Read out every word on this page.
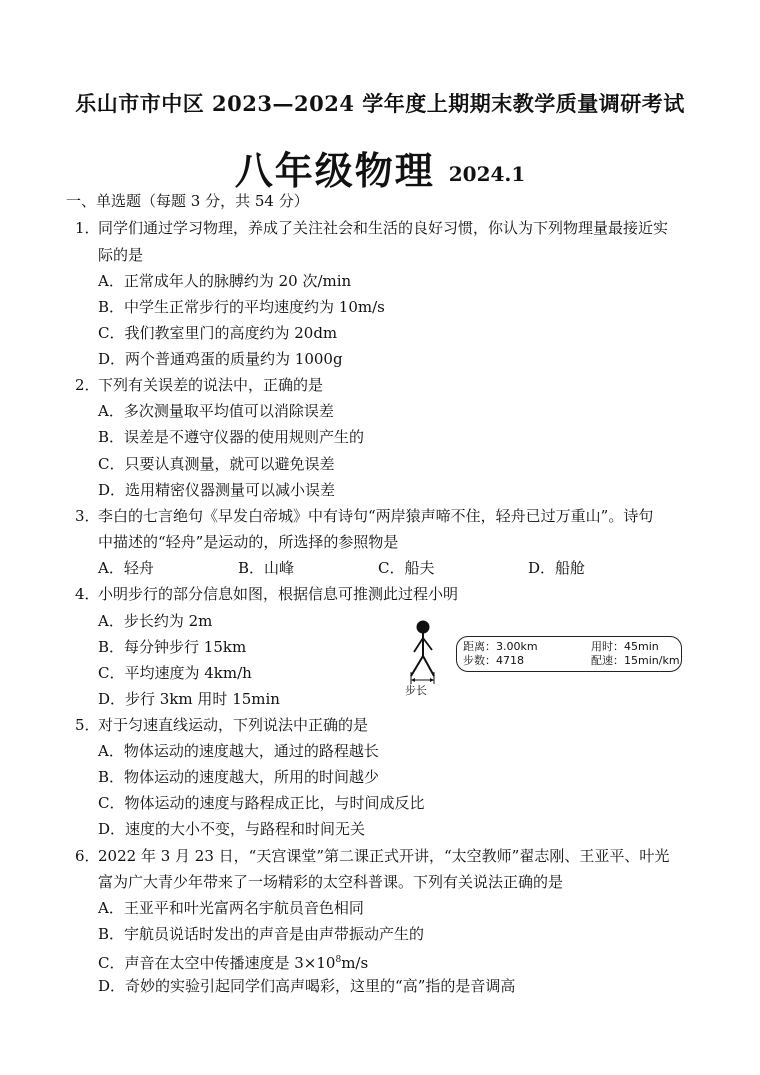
乐山市市中区 2023—2024 学年度上期期末教学质量调研考试
八年级物理 2024.1
一、单选题（每题 3 分，共 54 分）
1．
同学们通过学习物理，养成了关注社会和生活的良好习惯，你认为下列物理量最接近实
际的是
A．正常成年人的脉膊约为 20 次/min
B．中学生正常步行的平均速度约为 10m/s
C．我们教室里门的高度约为 20dm
D．两个普通鸡蛋的质量约为 1000g
2．
下列有关误差的说法中，正确的是
A．多次测量取平均值可以消除误差
B．误差是不遵守仪器的使用规则产生的
C．只要认真测量，就可以避免误差
D．选用精密仪器测量可以减小误差
3．
李白的七言绝句《早发白帝城》中有诗句“两岸猿声啼不住，轻舟已过万重山”。诗句
中描述的“轻舟”是运动的，所选择的参照物是
A．轻舟	B．山峰	C．船夫	D．船舱
4．
小明步行的部分信息如图，根据信息可推测此过程小明
A．步长约为 2m
B．每分钟步行 15km
C．平均速度为 4km/h
D．步行 3km 用时 15min	步长
距离：3.00km	用时：45min
步数：4718	配速：15min/km
5．
对于匀速直线运动，下列说法中正确的是
A．物体运动的速度越大，通过的路程越长
B．物体运动的速度越大，所用的时间越少
C．物体运动的速度与路程成正比，与时间成反比
D．速度的大小不变，与路程和时间无关
6．
2022 年 3 月 23 日，“天宫课堂”第二课正式开讲，“太空教师”翟志刚、王亚平、叶光
富为广大青少年带来了一场精彩的太空科普课。下列有关说法正确的是
A．王亚平和叶光富两名宇航员音色相同
B．宇航员说话时发出的声音是由声带振动产生的
C．声音在太空中传播速度是 $3\times 10^8m/s$
D．奇妙的实验引起同学们高声喝彩，这里的“高”指的是音调高
